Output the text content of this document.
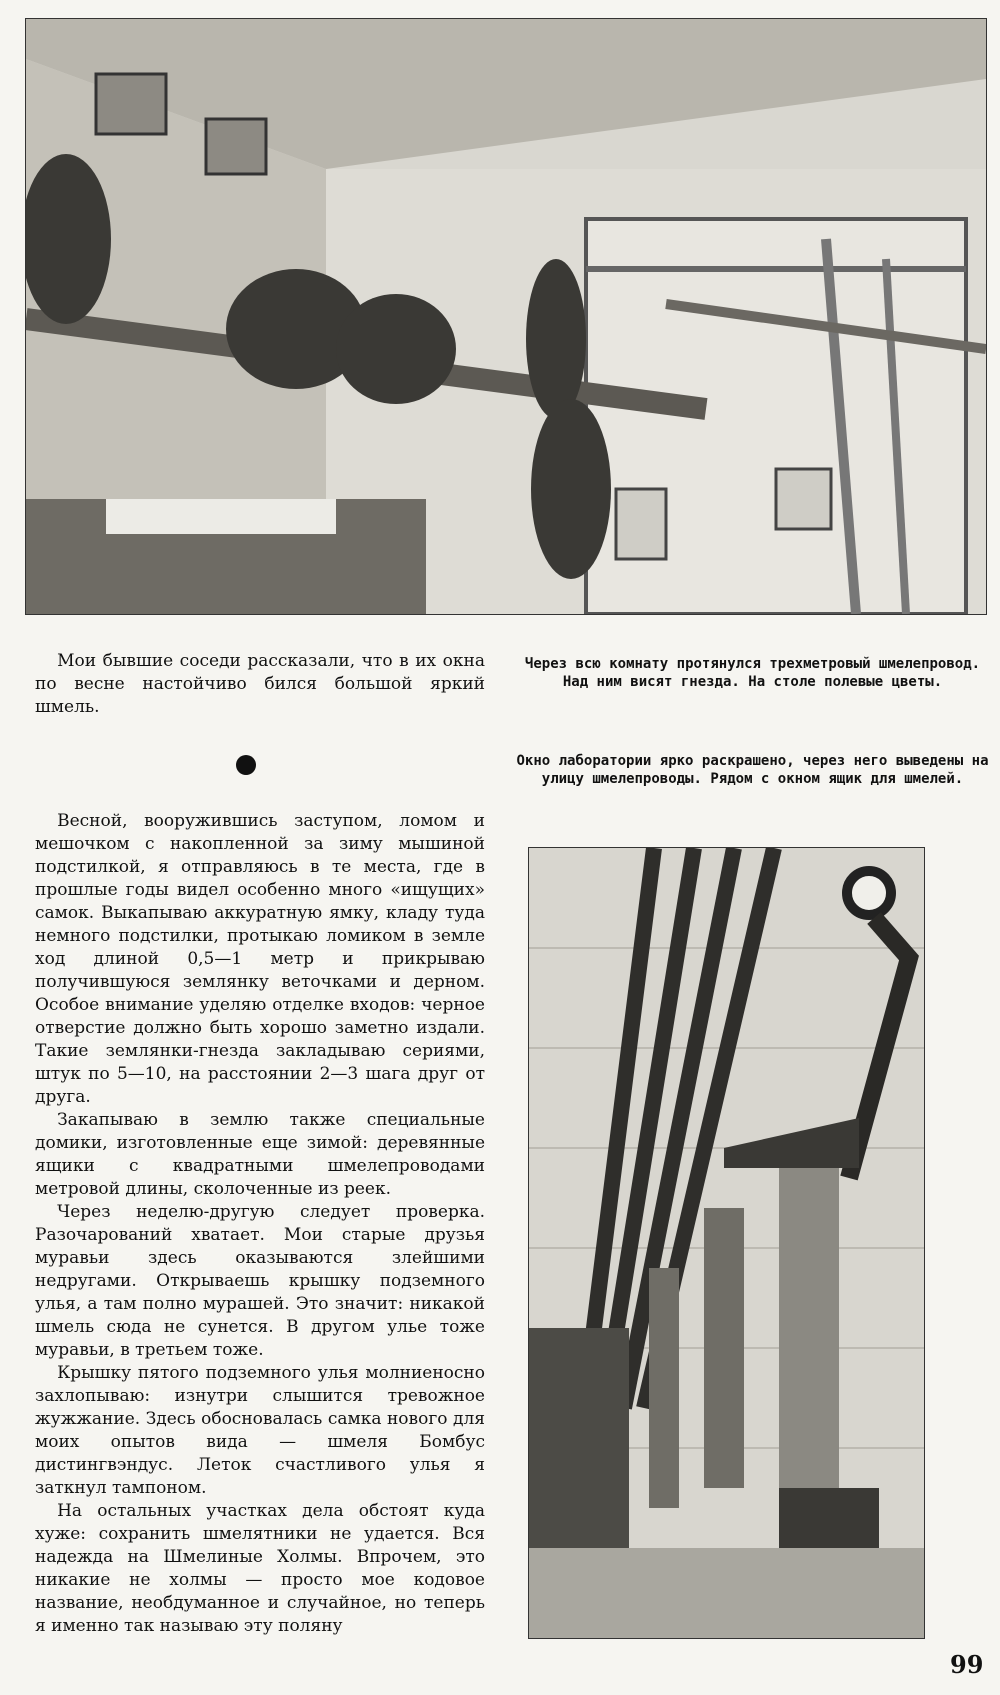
Мои бывшие соседи рассказали, что в их окна по весне настойчиво бился большой яркий шмель.

Через всю комнату протянулся трехметровый шмелепровод. Над ним висят гнезда. На столе полевые цветы.

Окно лаборатории ярко раскрашено, через него выведены на улицу шмелепроводы. Рядом с окном ящик для шмелей.

Весной, вооружившись заступом, ломом и мешочком с накопленной за зиму мышиной подстилкой, я отправляюсь в те места, где в прошлые годы видел особенно много «ищущих» самок. Выкапываю аккуратную ямку, кладу туда немного подстилки, протыкаю ломиком в земле ход длиной 0,5—1 метр и прикрываю получившуюся землянку веточками и дерном. Особое внимание уделяю отделке входов: черное отверстие должно быть хорошо заметно издали. Такие землянки-гнезда закладываю сериями, штук по 5—10, на расстоянии 2—3 шага друг от друга.

Закапываю в землю также специальные домики, изготовленные еще зимой: деревянные ящики с квадратными шмелепроводами метровой длины, сколоченные из реек.

Через неделю-другую следует проверка. Разочарований хватает. Мои старые друзья муравьи здесь оказываются злейшими недругами. Открываешь крышку подземного улья, а там полно мурашей. Это значит: никакой шмель сюда не сунется. В другом улье тоже муравьи, в третьем тоже.

Крышку пятого подземного улья молниеносно захлопываю: изнутри слышится тревожное жужжание. Здесь обосновалась самка нового для моих опытов вида — шмеля Бомбус дистингвэндус. Леток счастливого улья я заткнул тампоном.

На остальных участках дела обстоят куда хуже: сохранить шмелятники не удается. Вся надежда на Шмелиные Холмы. Впрочем, это никакие не холмы — просто мое кодовое название, необдуманное и случайное, но теперь я именно так называю эту поляну

99
